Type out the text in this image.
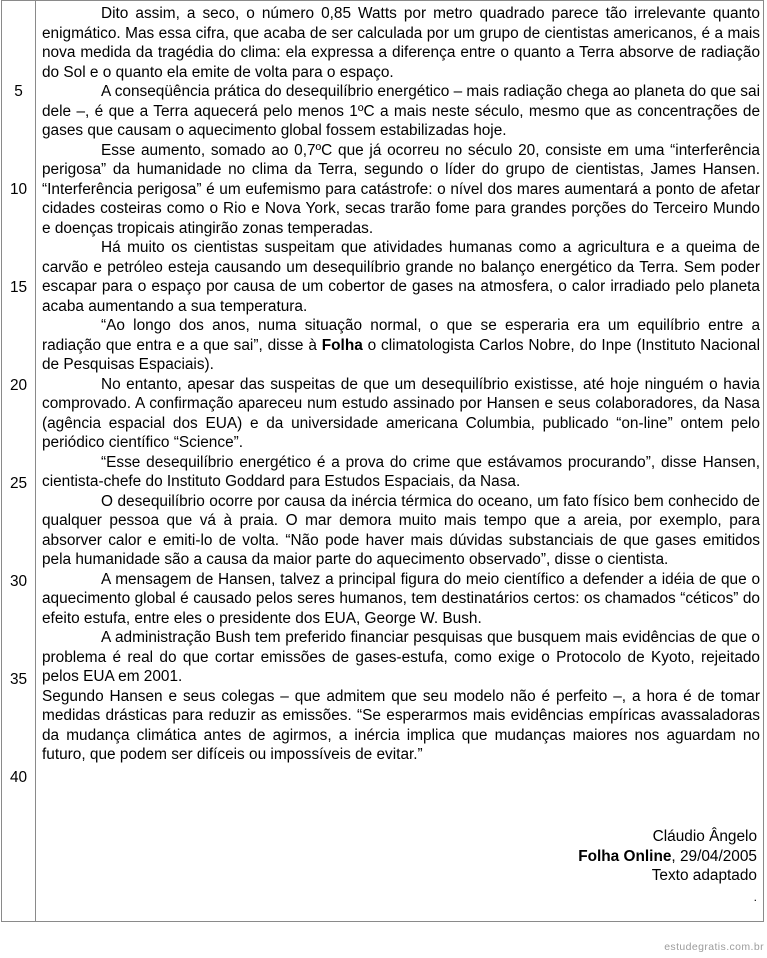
5
10
15
20
25
30
35
40

Dito assim, a seco, o número 0,85 Watts por metro quadrado parece tão irrelevante quanto enigmático. Mas essa cifra, que acaba de ser calculada por um grupo de cientistas americanos, é a mais nova medida da tragédia do clima: ela expressa a diferença entre o quanto a Terra absorve de radiação do Sol e o quanto ela emite de volta para o espaço.

A conseqüência prática do desequilíbrio energético – mais radiação chega ao planeta do que sai dele –, é que a Terra aquecerá pelo menos 1ºC a mais neste século, mesmo que as concentrações de gases que causam o aquecimento global fossem estabilizadas hoje.

Esse aumento, somado ao 0,7ºC que já ocorreu no século 20, consiste em uma “interferência perigosa” da humanidade no clima da Terra, segundo o líder do grupo de cientistas, James Hansen. “Interferência perigosa” é um eufemismo para catástrofe: o nível dos mares aumentará a ponto de afetar cidades costeiras como o Rio e Nova York, secas trarão fome para grandes porções do Terceiro Mundo e doenças tropicais atingirão zonas temperadas.

Há muito os cientistas suspeitam que atividades humanas como a agricultura e a queima de carvão e petróleo esteja causando um desequilíbrio grande no balanço energético da Terra. Sem poder escapar para o espaço por causa de um cobertor de gases na atmosfera, o calor irradiado pelo planeta acaba aumentando a sua temperatura.

“Ao longo dos anos, numa situação normal, o que se esperaria era um equilíbrio entre a radiação que entra e a que sai”, disse à Folha o climatologista Carlos Nobre, do Inpe (Instituto Nacional de Pesquisas Espaciais).

No entanto, apesar das suspeitas de que um desequilíbrio existisse, até hoje ninguém o havia comprovado. A confirmação apareceu num estudo assinado por Hansen e seus colaboradores, da Nasa (agência espacial dos EUA) e da universidade americana Columbia, publicado “on-line” ontem pelo periódico científico “Science”.

“Esse desequilíbrio energético é a prova do crime que estávamos procurando”, disse Hansen, cientista-chefe do Instituto Goddard para Estudos Espaciais, da Nasa.

O desequilíbrio ocorre por causa da inércia térmica do oceano, um fato físico bem conhecido de qualquer pessoa que vá à praia. O mar demora muito mais tempo que a areia, por exemplo, para absorver calor e emiti-lo de volta. “Não pode haver mais dúvidas substanciais de que gases emitidos pela humanidade são a causa da maior parte do aquecimento observado”, disse o cientista.

A mensagem de Hansen, talvez a principal figura do meio científico a defender a idéia de que o aquecimento global é causado pelos seres humanos, tem destinatários certos: os chamados “céticos” do efeito estufa, entre eles o presidente dos EUA, George W. Bush.

A administração Bush tem preferido financiar pesquisas que busquem mais evidências de que o problema é real do que cortar emissões de gases-estufa, como exige o Protocolo de Kyoto, rejeitado pelos EUA em 2001.

Segundo Hansen e seus colegas – que admitem que seu modelo não é perfeito –, a hora é de tomar medidas drásticas para reduzir as emissões. “Se esperarmos mais evidências empíricas avassaladoras da mudança climática antes de agirmos, a inércia implica que mudanças maiores nos aguardam no futuro, que podem ser difíceis ou impossíveis de evitar.”

Cláudio Ângelo
Folha Online, 29/04/2005
Texto adaptado
.
estudegratis.com.br
